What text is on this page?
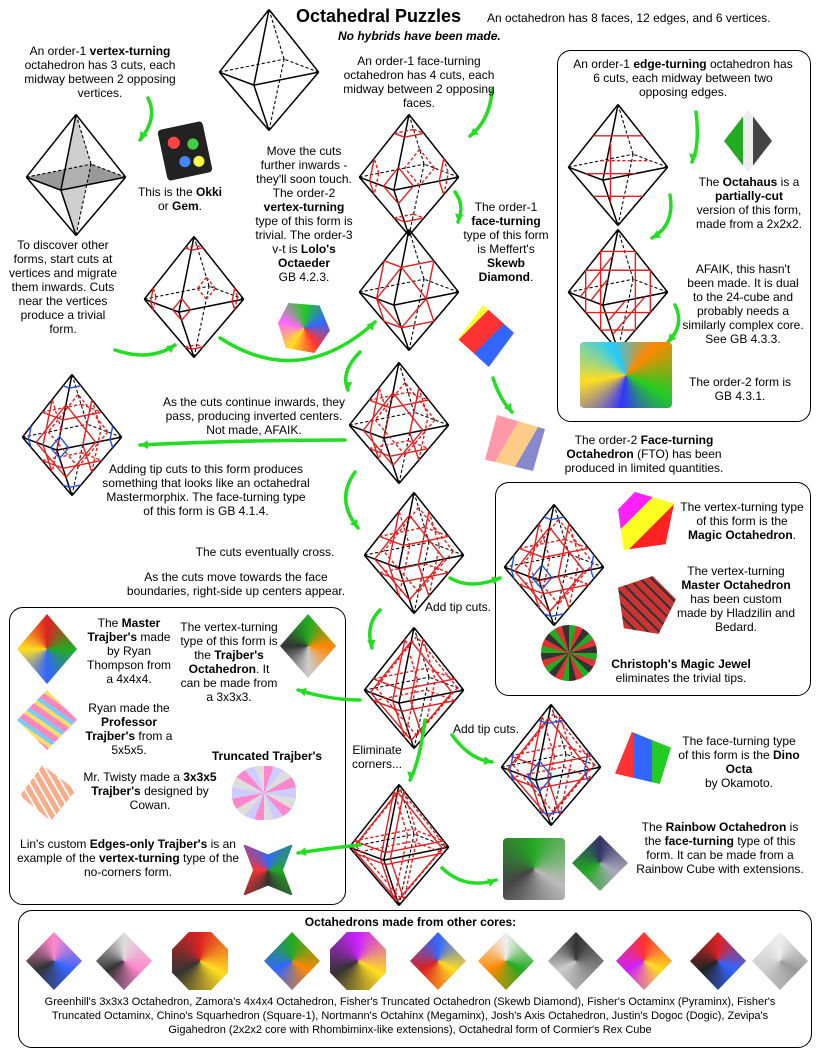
Octahedral Puzzles An octahedron has 8 faces, 12 edges, and 6 vertices.
No hybrids have been made.
An order-1 vertex-turning octahedron has 3 cuts, each midway between 2 opposing vertices.
This is the Okki
or Gem.
An order-1 face-turning octahedron has 4 cuts, each midway between 2 opposing faces.
Move the cuts further inwards - they'll soon touch. The order-2 vertex-turning type of this form is trivial. The order-3 v-t is Lolo's Octaeder
GB 4.2.3.
To discover other forms, start cuts at vertices and migrate them inwards. Cuts near the vertices produce a trivial form.
The order-1 face-turning type of this form is Meffert's Skewb Diamond.
As the cuts continue inwards, they pass, producing inverted centers. Not made, AFAIK.
Adding tip cuts to this form produces something that looks like an octahedral Mastermorphix. The face-turning type of this form is GB 4.1.4.
The order-2 Face-turning Octahedron (FTO) has been produced in limited quantities.
The cuts eventually cross.
As the cuts move towards the face boundaries, right-side up centers appear.
Add tip cuts.
Add tip cuts.
Eliminate corners...
The face-turning type of this form is the Dino Octa
by Okamoto.
The Rainbow Octahedron is the face-turning type of this form. It can be made from a Rainbow Cube with extensions.
An order-1 edge-turning octahedron has 6 cuts, each midway between two opposing edges.
The Octahaus is a partially-cut version of this form, made from a 2x2x2.
AFAIK, this hasn't been made. It is dual to the 24-cube and probably needs a similarly complex core. See GB 4.3.3.
The order-2 form is GB 4.3.1.
The vertex-turning type of this form is the Magic Octahedron.
The vertex-turning Master Octahedron has been custom made by Hladzilin and Bedard.
Christoph's Magic Jewel
eliminates the trivial tips.
The Master Trajber's made by Ryan Thompson from a 4x4x4.
Ryan made the Professor Trajber's from a 5x5x5.
Mr. Twisty made a 3x3x5 Trajber's designed by Cowan.
The vertex-turning type of this form is the Trajber's Octahedron. It can be made from a 3x3x3.
Truncated Trajber's
Lin's custom Edges-only Trajber's is an example of the vertex-turning type of the no-corners form.
Octahedrons made from other cores:
Greenhill's 3x3x3 Octahedron, Zamora's 4x4x4 Octahedron, Fisher's Truncated Octahedron (Skewb Diamond), Fisher's Octaminx (Pyraminx), Fisher's Truncated Octaminx, Chino's Squarhedron (Square-1), Nortmann's Octahinx (Megaminx), Josh's Axis Octahedron, Justin's Dogoc (Dogic), Zevipa's Gigahedron (2x2x2 core with Rhombiminx-like extensions), Octahedral form of Cormier's Rex Cube
